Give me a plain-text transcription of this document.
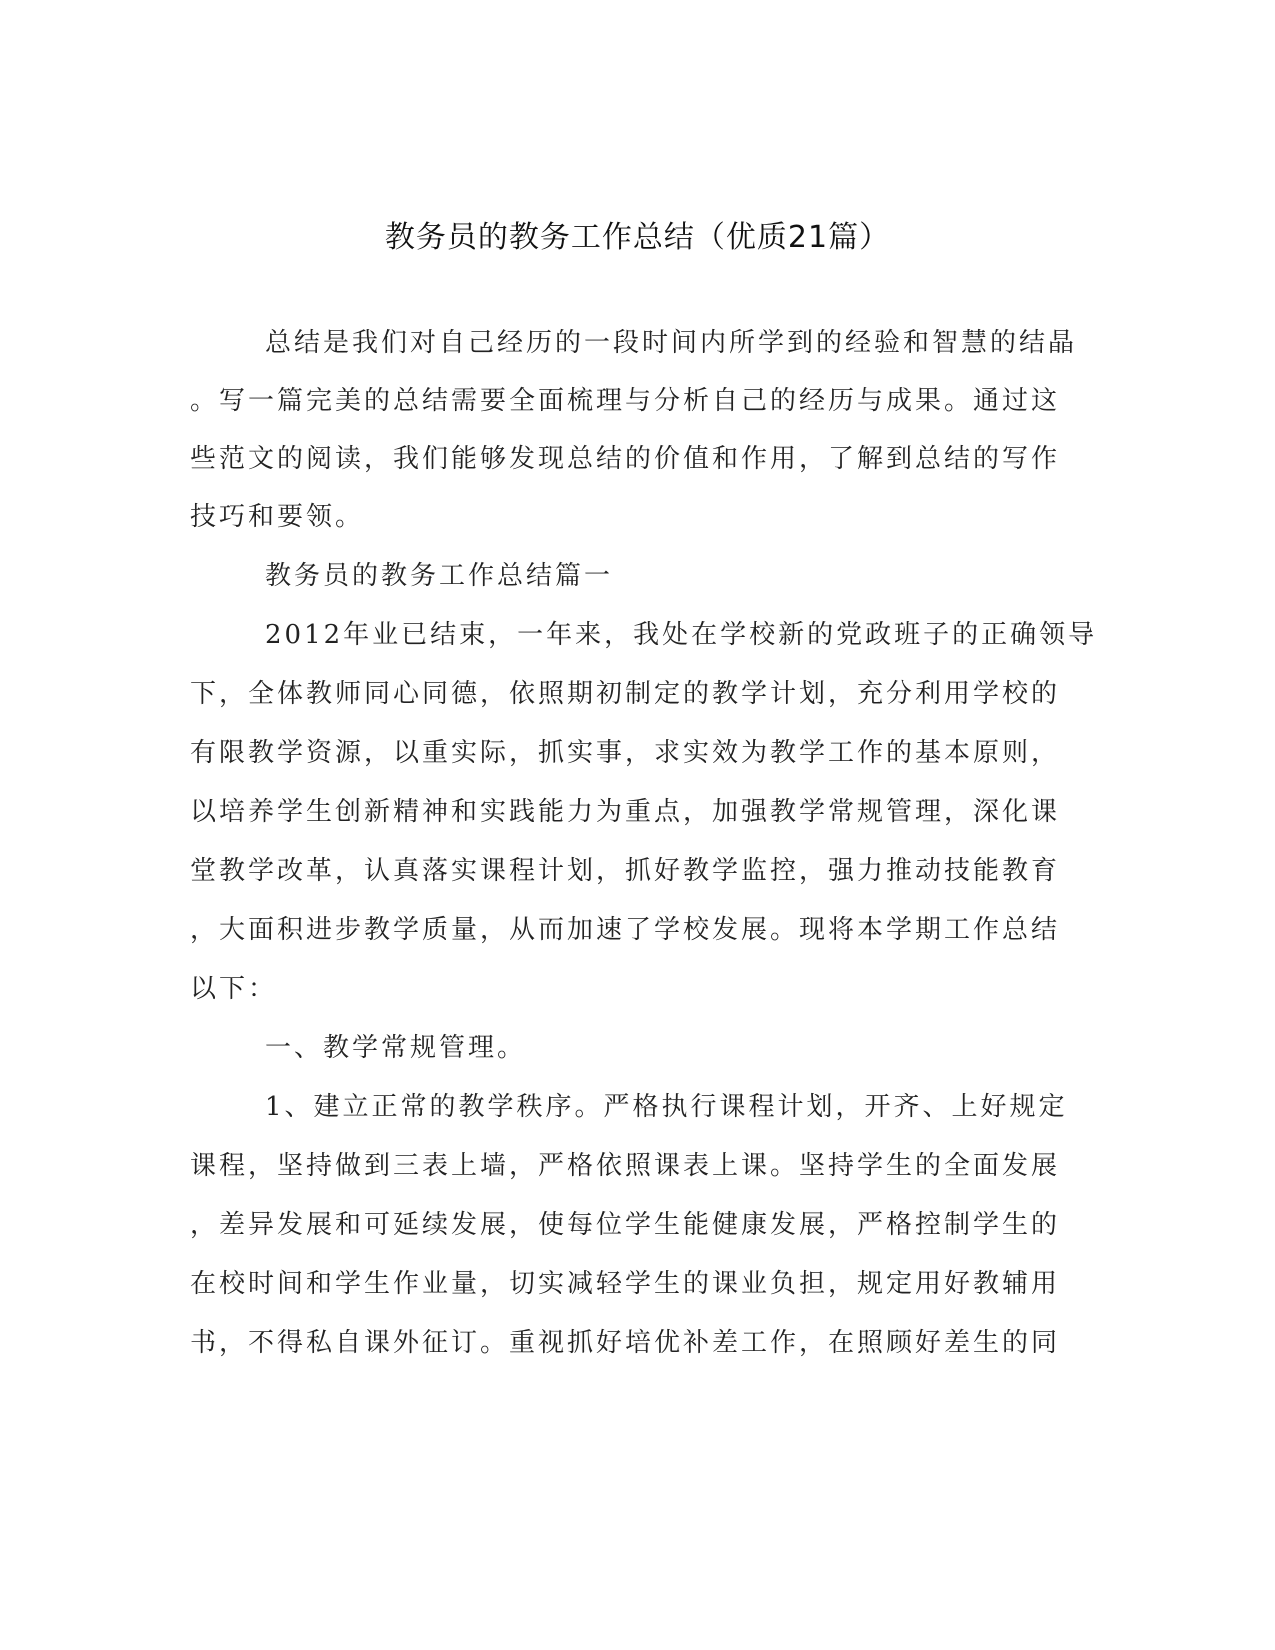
教务员的教务工作总结（优质21篇）

总结是我们对自己经历的一段时间内所学到的经验和智慧的结晶

。写一篇完美的总结需要全面梳理与分析自己的经历与成果。通过这

些范文的阅读，我们能够发现总结的价值和作用，了解到总结的写作

技巧和要领。

教务员的教务工作总结篇一

2012年业已结束，一年来，我处在学校新的党政班子的正确领导

下，全体教师同心同德，依照期初制定的教学计划，充分利用学校的

有限教学资源，以重实际，抓实事，求实效为教学工作的基本原则，

以培养学生创新精神和实践能力为重点，加强教学常规管理，深化课

堂教学改革，认真落实课程计划，抓好教学监控，强力推动技能教育

，大面积进步教学质量，从而加速了学校发展。现将本学期工作总结

以下：

一、教学常规管理。

1、建立正常的教学秩序。严格执行课程计划，开齐、上好规定

课程，坚持做到三表上墙，严格依照课表上课。坚持学生的全面发展

，差异发展和可延续发展，使每位学生能健康发展，严格控制学生的

在校时间和学生作业量，切实减轻学生的课业负担，规定用好教辅用

书，不得私自课外征订。重视抓好培优补差工作，在照顾好差生的同
